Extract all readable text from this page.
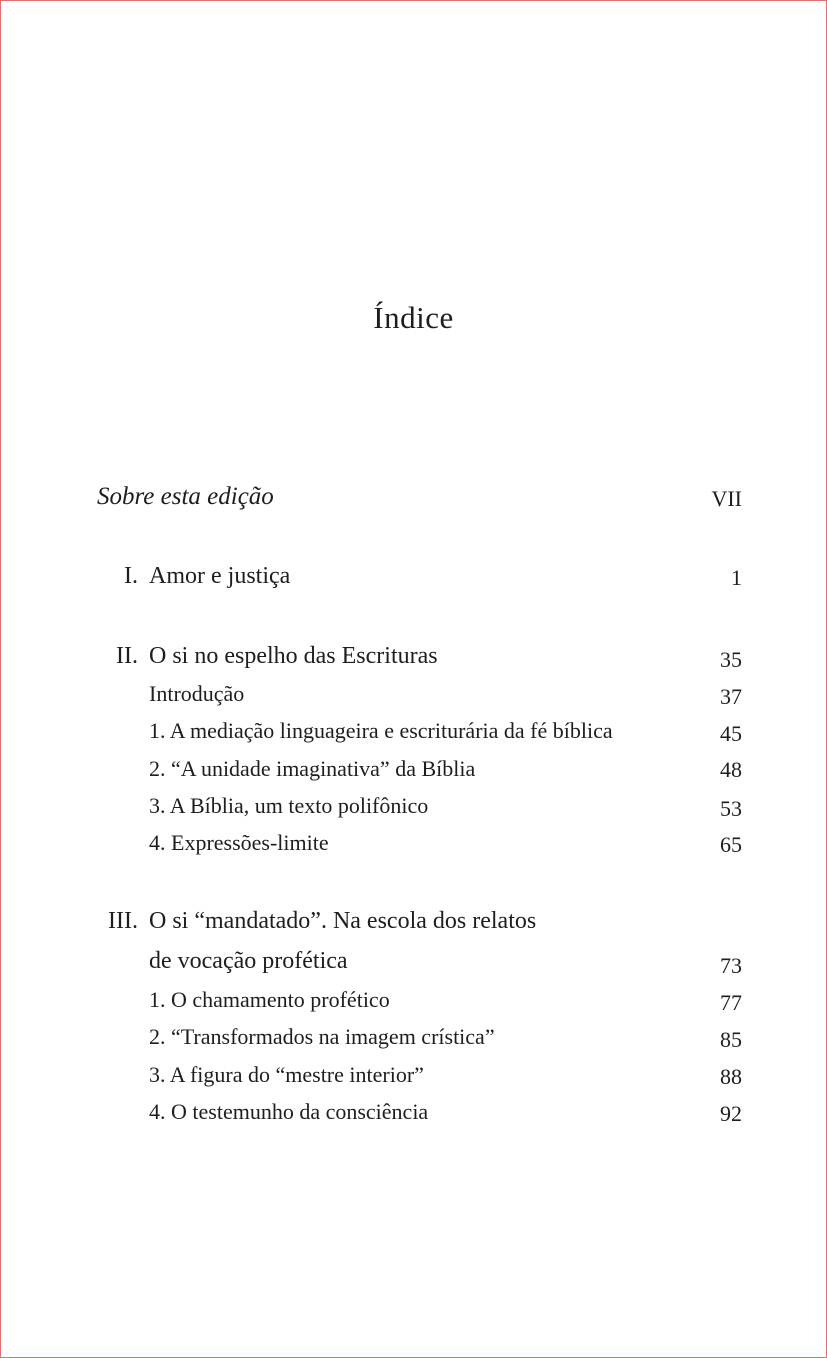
Índice
Sobre esta edição	VII
I. Amor e justiça	1
II. O si no espelho das Escrituras	35
Introdução	37
1. A mediação linguageira e escriturária da fé bíblica	45
2. “A unidade imaginativa” da Bíblia	48
3. A Bíblia, um texto polifônico	53
4. Expressões-limite	65
III. O si “mandatado”. Na escola dos relatos
de vocação profética	73
1. O chamamento profético	77
2. “Transformados na imagem crística”	85
3. A figura do “mestre interior”	88
4. O testemunho da consciência	92
